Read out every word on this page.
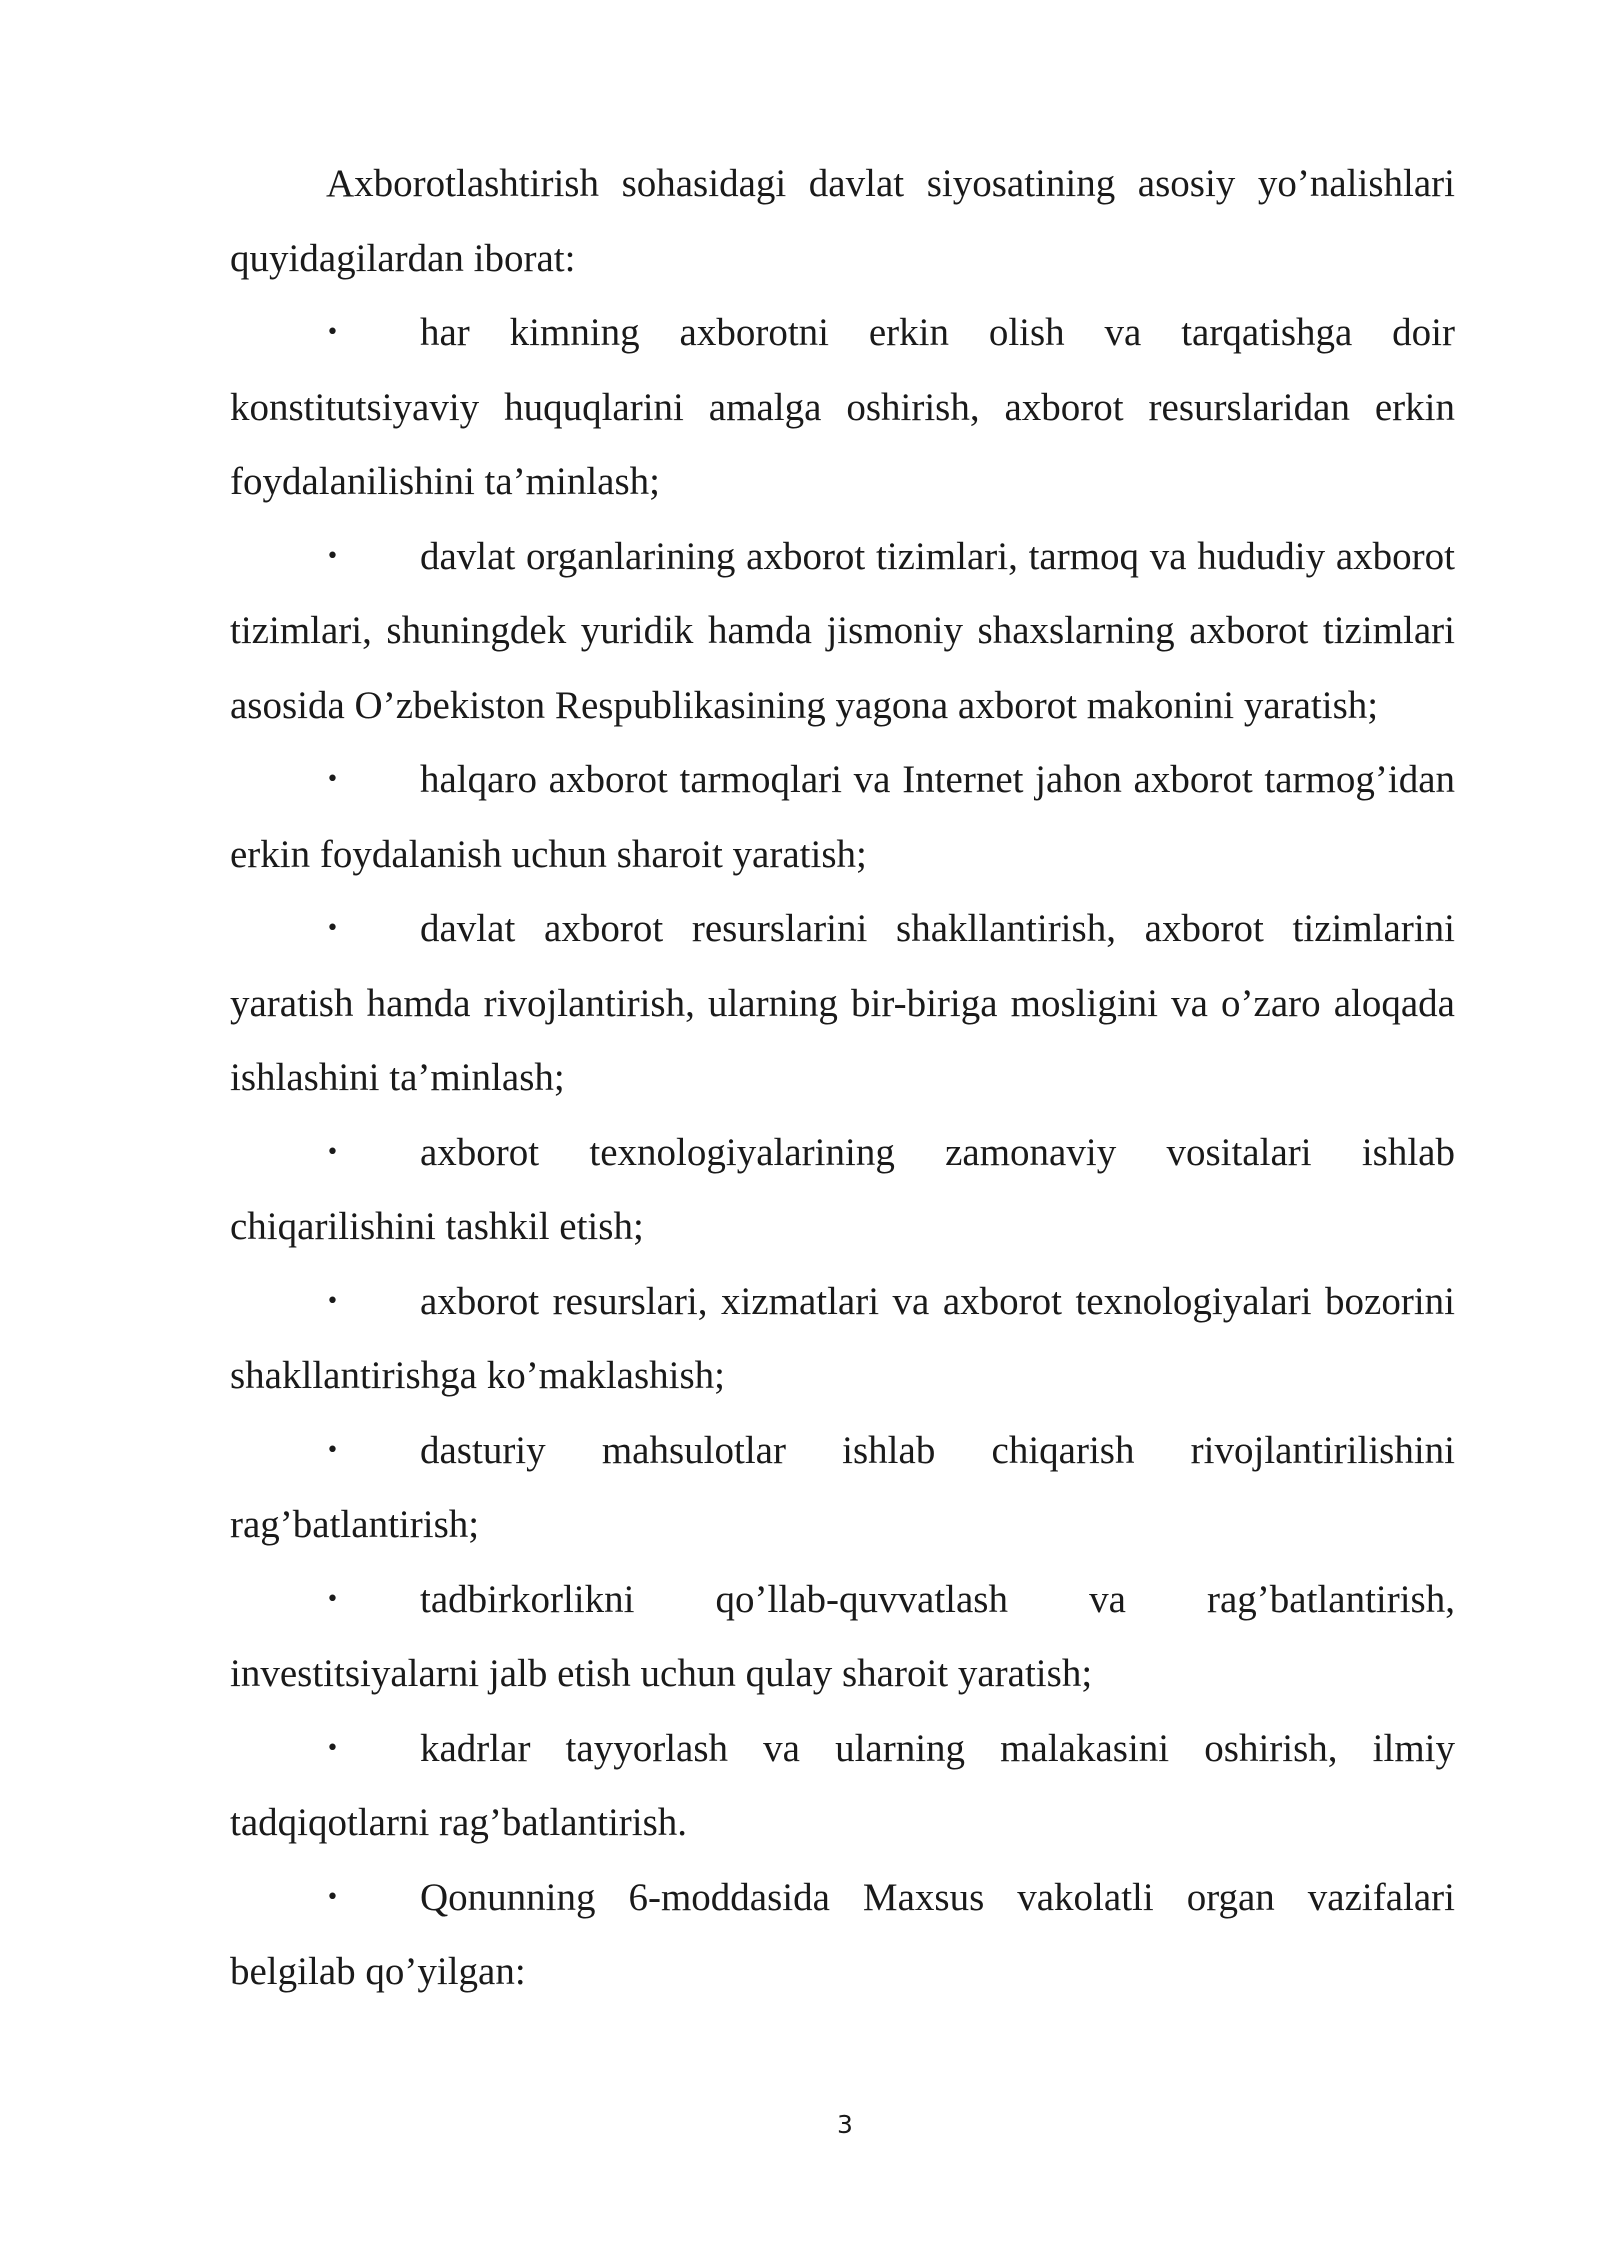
Axborotlashtirish sohasidagi davlat siyosatining asosiy yo’nalishlari quyidagilardan iborat:

• har kimning axborotni erkin olish va tarqatishga doir konstitutsiyaviy huquqlarini amalga oshirish, axborot resurslaridan erkin foydalanilishini ta’minlash;

• davlat organlarining axborot tizimlari, tarmoq va hududiy axborot tizimlari, shuningdek yuridik hamda jismoniy shaxslarning axborot tizimlari asosida O’zbekiston Respublikasining yagona axborot makonini yaratish;

• halqaro axborot tarmoqlari va Internet jahon axborot tarmog’idan erkin foydalanish uchun sharoit yaratish;

• davlat axborot resurslarini shakllantirish, axborot tizimlarini yaratish hamda rivojlantirish, ularning bir-biriga mosligini va o’zaro aloqada ishlashini ta’minlash;

• axborot texnologiyalarining zamonaviy vositalari ishlab chiqarilishini tashkil etish;

• axborot resurslari, xizmatlari va axborot texnologiyalari bozorini shakllantirishga ko’maklashish;

• dasturiy mahsulotlar ishlab chiqarish rivojlantirilishini rag’batlantirish;

• tadbirkorlikni qo’llab-quvvatlash va rag’batlantirish, investitsiyalarni jalb etish uchun qulay sharoit yaratish;

• kadrlar tayyorlash va ularning malakasini oshirish, ilmiy tadqiqotlarni rag’batlantirish.

• Qonunning 6-moddasida Maxsus vakolatli organ vazifalari belgilab qo’yilgan:

3
